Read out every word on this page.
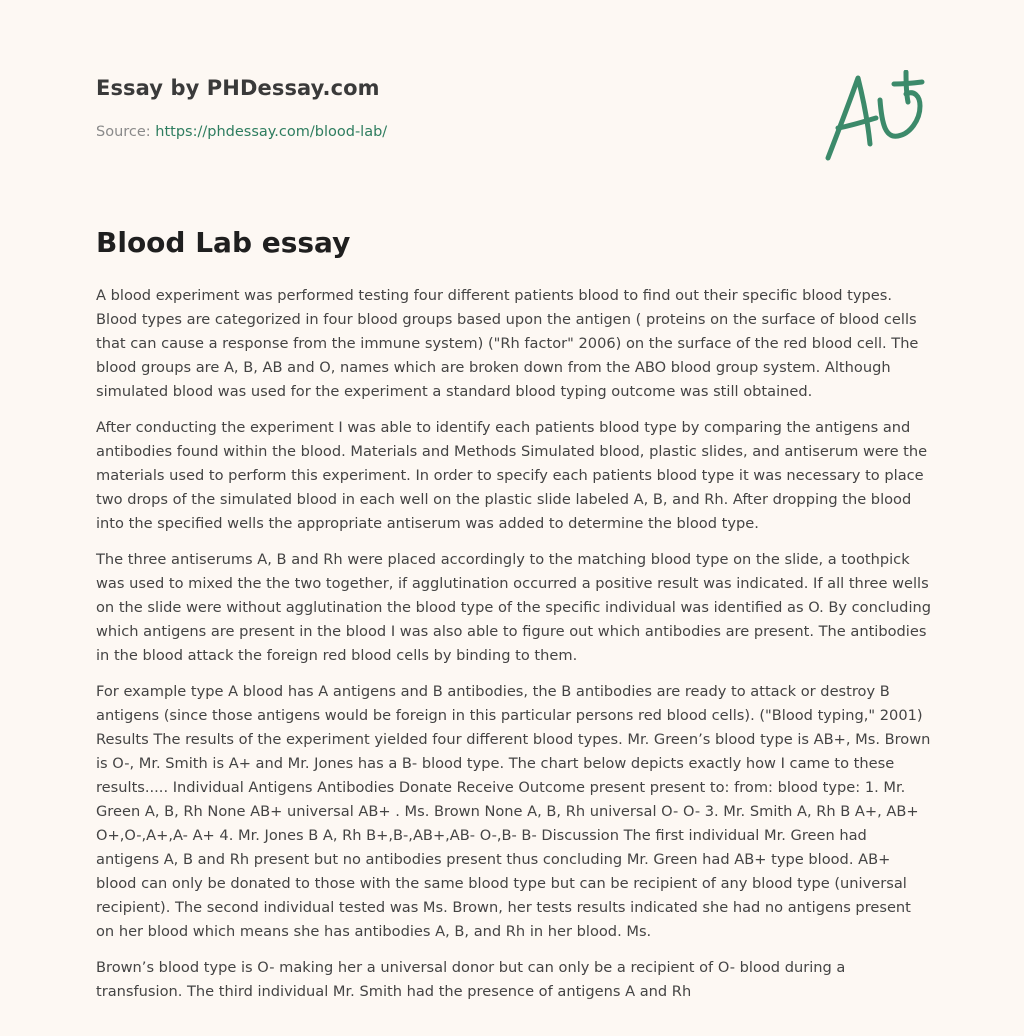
Essay by PHDessay.com
Source: https://phdessay.com/blood-lab/
Blood Lab essay

A blood experiment was performed testing four different patients blood to find out their specific blood types. Blood types are categorized in four blood groups based upon the antigen ( proteins on the surface of blood cells that can cause a response from the immune system) ("Rh factor" 2006) on the surface of the red blood cell. The blood groups are A, B, AB and O, names which are broken down from the ABO blood group system. Although simulated blood was used for the experiment a standard blood typing outcome was still obtained.

After conducting the experiment I was able to identify each patients blood type by comparing the antigens and antibodies found within the blood. Materials and Methods Simulated blood, plastic slides, and antiserum were the materials used to perform this experiment. In order to specify each patients blood type it was necessary to place two drops of the simulated blood in each well on the plastic slide labeled A, B, and Rh. After dropping the blood into the specified wells the appropriate antiserum was added to determine the blood type.

The three antiserums A, B and Rh were placed accordingly to the matching blood type on the slide, a toothpick was used to mixed the the two together, if agglutination occurred a positive result was indicated. If all three wells on the slide were without agglutination the blood type of the specific individual was identified as O. By concluding which antigens are present in the blood I was also able to figure out which antibodies are present. The antibodies in the blood attack the foreign red blood cells by binding to them.

For example type A blood has A antigens and B antibodies, the B antibodies are ready to attack or destroy B antigens (since those antigens would be foreign in this particular persons red blood cells). ("Blood typing," 2001) Results The results of the experiment yielded four different blood types. Mr. Green’s blood type is AB+, Ms. Brown is O-, Mr. Smith is A+ and Mr. Jones has a B- blood type. The chart below depicts exactly how I came to these results..... Individual Antigens Antibodies Donate Receive Outcome present present to: from: blood type: 1. Mr. Green A, B, Rh None AB+ universal AB+ . Ms. Brown None A, B, Rh universal O- O- 3. Mr. Smith A, Rh B A+, AB+ O+,O-,A+,A- A+ 4. Mr. Jones B A, Rh B+,B-,AB+,AB- O-,B- B- Discussion The first individual Mr. Green had antigens A, B and Rh present but no antibodies present thus concluding Mr. Green had AB+ type blood. AB+ blood can only be donated to those with the same blood type but can be recipient of any blood type (universal recipient). The second individual tested was Ms. Brown, her tests results indicated she had no antigens present on her blood which means she has antibodies A, B, and Rh in her blood. Ms.

Brown’s blood type is O- making her a universal donor but can only be a recipient of O- blood during a transfusion. The third individual Mr. Smith had the presence of antigens A and Rh
